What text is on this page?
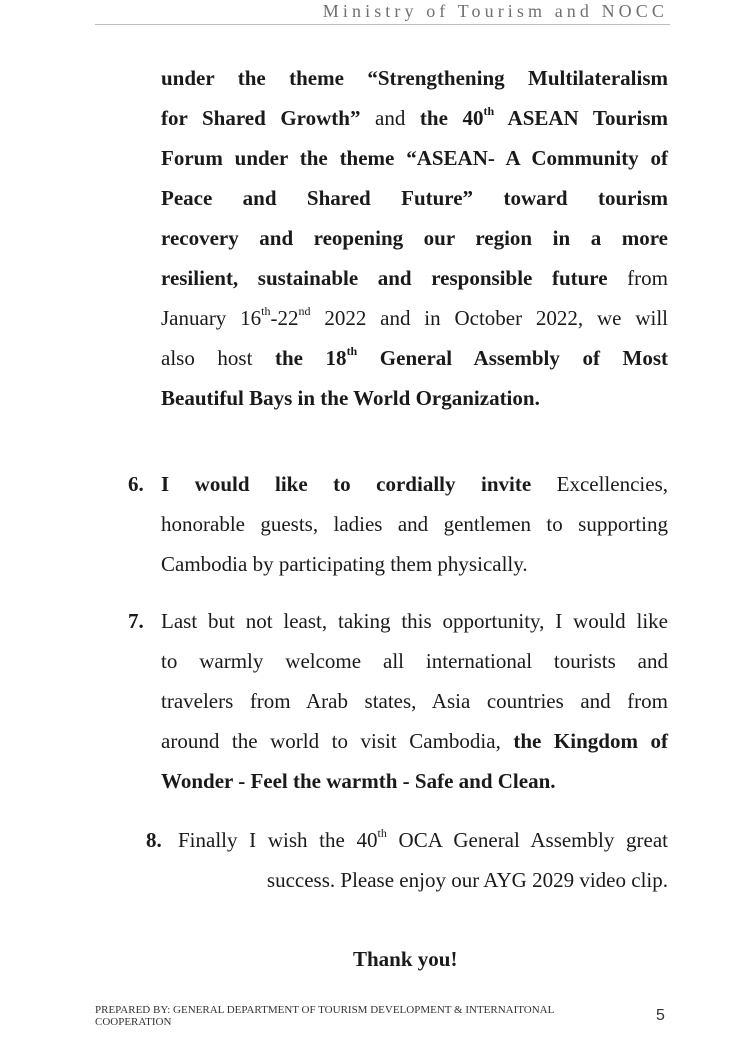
Ministry of Tourism and NOCC
under the theme “Strengthening Multilateralism
for Shared Growth” and the 40th ASEAN Tourism
Forum under the theme “ASEAN- A Community of
Peace and Shared Future” toward tourism
recovery and reopening our region in a more
resilient, sustainable and responsible future from
January 16th-22nd 2022 and in October 2022, we will
also host the 18th General Assembly of Most
Beautiful Bays in the World Organization.
6. I would like to cordially invite Excellencies,
honorable guests, ladies and gentlemen to supporting
Cambodia by participating them physically.
7. Last but not least, taking this opportunity, I would like
to warmly welcome all international tourists and
travelers from Arab states, Asia countries and from
around the world to visit Cambodia, the Kingdom of
Wonder - Feel the warmth - Safe and Clean.
8. Finally I wish the 40th OCA General Assembly great
success. Please enjoy our AYG 2029 video clip.
Thank you!
PREPARED BY: GENERAL DEPARTMENT OF TOURISM DEVELOPMENT & INTERNAITONAL COOPERATION	5
